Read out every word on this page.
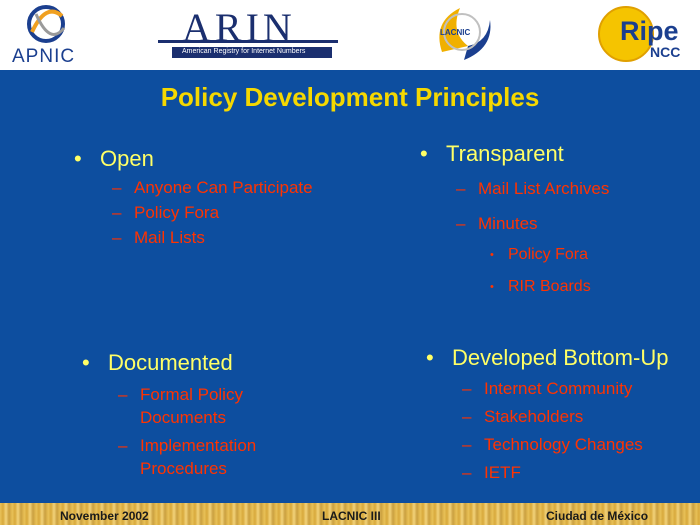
APNIC
ARIN
American Registry for Internet Numbers
LACNIC	Ripe
NCC
Policy Development Principles
• Open
– Anyone Can Participate
– Policy Fora
– Mail Lists
• Transparent
– Mail List Archives
– Minutes
• Policy Fora
• RIR Boards
• Documented
– Formal Policy
Documents
– Implementation
Procedures
• Developed Bottom-Up
– Internet Community
– Stakeholders
– Technology Changes
– IETF
November 2002	LACNIC III	Ciudad de México
